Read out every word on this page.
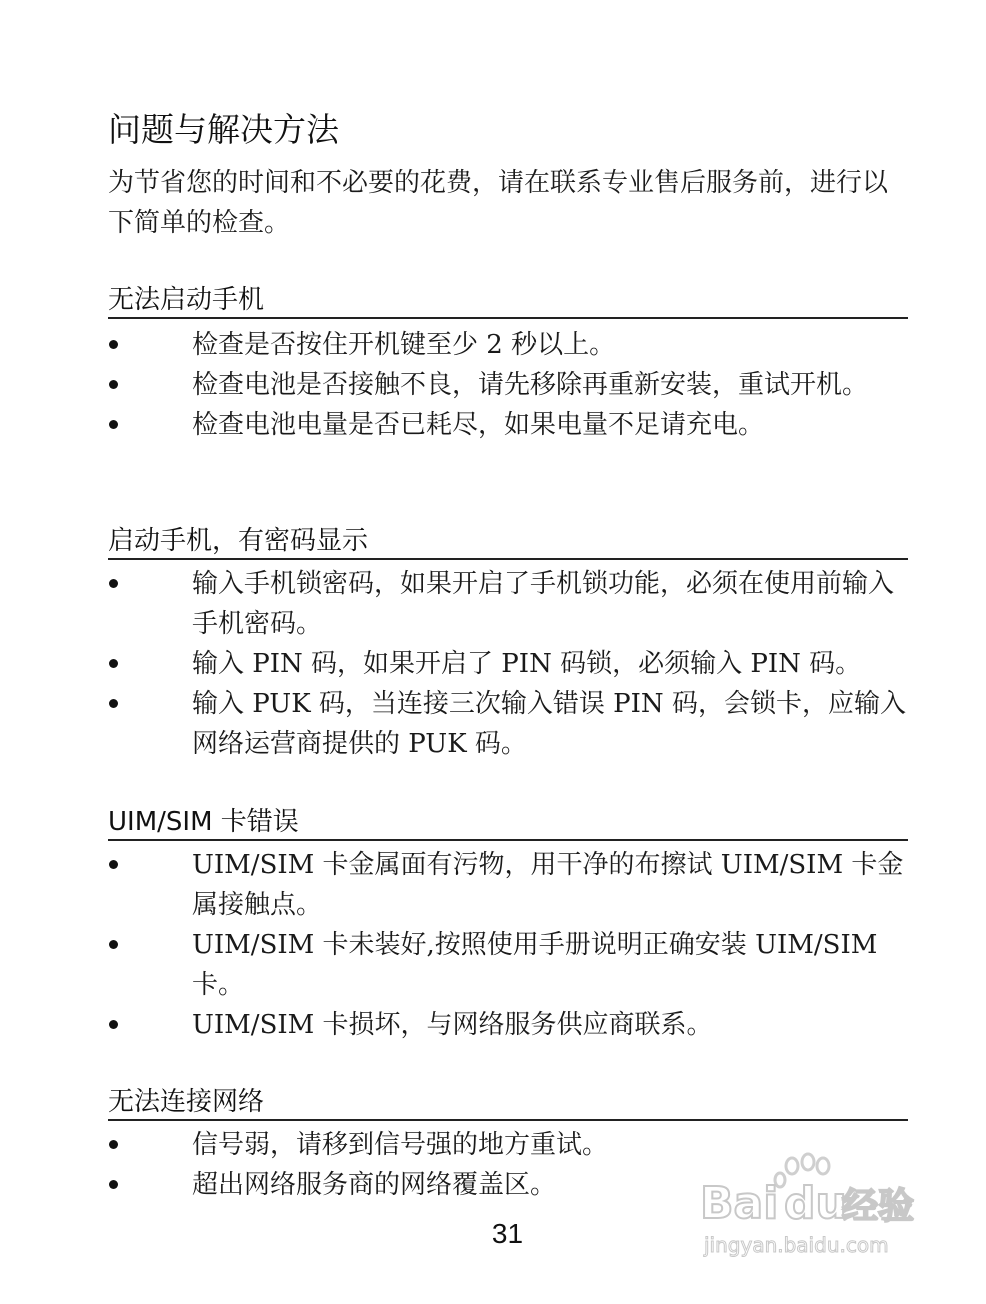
问题与解决方法

为节省您的时间和不必要的花费，请在联系专业售后服务前，进行以下简单的检查。

无法启动手机
检查是否按住开机键至少 2 秒以上。
检查电池是否接触不良，请先移除再重新安装，重试开机。
检查电池电量是否已耗尽，如果电量不足请充电。
启动手机，有密码显示
输入手机锁密码，如果开启了手机锁功能，必须在使用前输入手机密码。
输入 PIN 码，如果开启了 PIN 码锁，必须输入 PIN 码。
输入 PUK 码，当连接三次输入错误 PIN 码，会锁卡，应输入网络运营商提供的 PUK 码。
UIM/SIM 卡错误
UIM/SIM 卡金属面有污物，用干净的布擦试 UIM/SIM 卡金属接触点。
UIM/SIM 卡未装好,按照使用手册说明正确安装 UIM/SIM 卡。
UIM/SIM 卡损坏，与网络服务供应商联系。
无法连接网络
信号弱，请移到信号强的地方重试。
超出网络服务商的网络覆盖区。
31
Bai du
经验
jingyan.baidu.com
